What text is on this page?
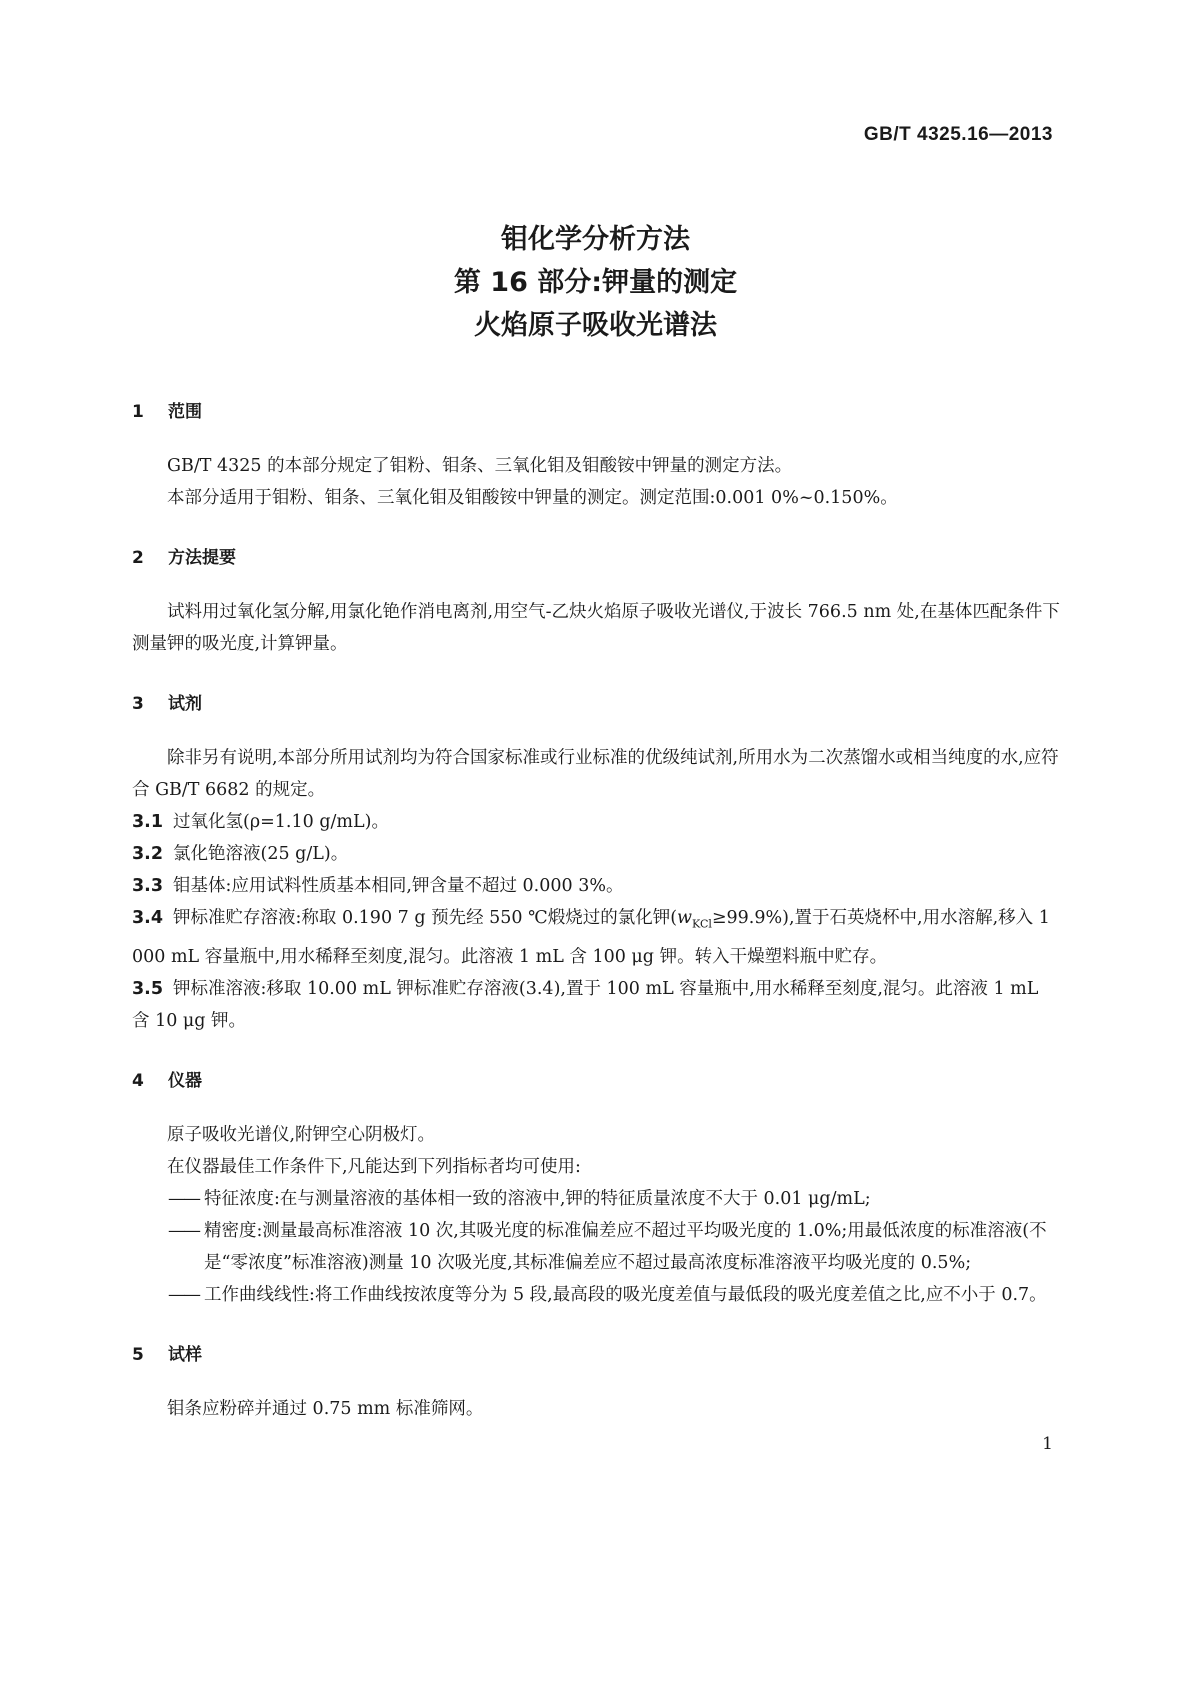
GB/T 4325.16—2013
钼化学分析方法
第 16 部分:钾量的测定
火焰原子吸收光谱法
1 范围

GB/T 4325 的本部分规定了钼粉、钼条、三氧化钼及钼酸铵中钾量的测定方法。

本部分适用于钼粉、钼条、三氧化钼及钼酸铵中钾量的测定。测定范围:0.001 0%~0.150%。

2 方法提要

试料用过氧化氢分解,用氯化铯作消电离剂,用空气-乙炔火焰原子吸收光谱仪,于波长 766.5 nm 处,在基体匹配条件下测量钾的吸光度,计算钾量。

3 试剂

除非另有说明,本部分所用试剂均为符合国家标准或行业标准的优级纯试剂,所用水为二次蒸馏水或相当纯度的水,应符合 GB/T 6682 的规定。

3.1 过氧化氢(ρ=1.10 g/mL)。

3.2 氯化铯溶液(25 g/L)。

3.3 钼基体:应用试料性质基本相同,钾含量不超过 0.000 3%。

3.4 钾标准贮存溶液:称取 0.190 7 g 预先经 550 ℃煅烧过的氯化钾$(w_{KCl}\ge 99.9\%)$,置于石英烧杯中,用水溶解,移入 1 000 mL 容量瓶中,用水稀释至刻度,混匀。此溶液 1 mL 含 100 μg 钾。转入干燥塑料瓶中贮存。

3.5 钾标准溶液:移取 10.00 mL 钾标准贮存溶液(3.4),置于 100 mL 容量瓶中,用水稀释至刻度,混匀。此溶液 1 mL 含 10 μg 钾。

4 仪器

原子吸收光谱仪,附钾空心阴极灯。

在仪器最佳工作条件下,凡能达到下列指标者均可使用:

—— 特征浓度:在与测量溶液的基体相一致的溶液中,钾的特征质量浓度不大于 0.01 μg/mL;

—— 精密度:测量最高标准溶液 10 次,其吸光度的标准偏差应不超过平均吸光度的 1.0%;用最低浓度的标准溶液(不是“零浓度”标准溶液)测量 10 次吸光度,其标准偏差应不超过最高浓度标准溶液平均吸光度的 0.5%;

—— 工作曲线线性:将工作曲线按浓度等分为 5 段,最高段的吸光度差值与最低段的吸光度差值之比,应不小于 0.7。

5 试样

钼条应粉碎并通过 0.75 mm 标准筛网。

1
